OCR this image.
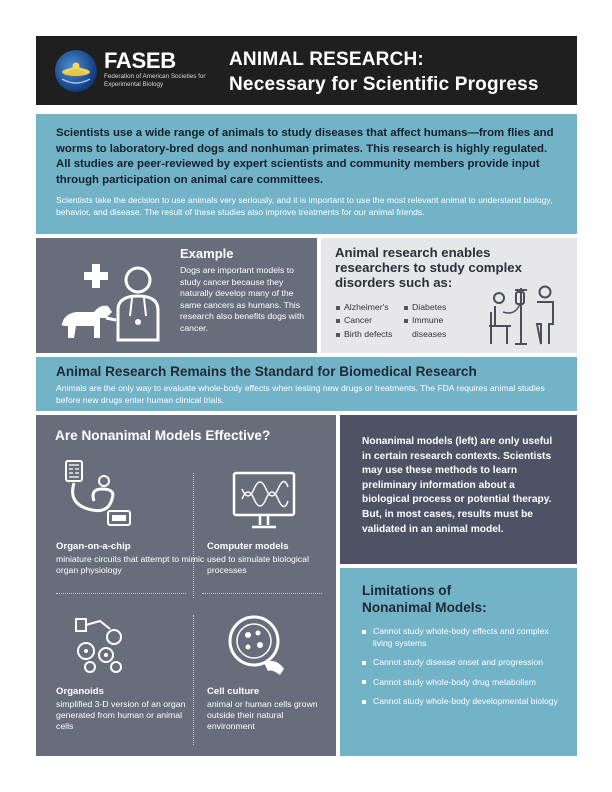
FASEB
Federation of American Societies for Experimental Biology
ANIMAL RESEARCH:
Necessary for Scientific Progress

Scientists use a wide range of animals to study diseases that affect humans—from flies and worms to laboratory-bred dogs and nonhuman primates. This research is highly regulated. All studies are peer-reviewed by expert scientists and community members provide input through participation on animal care committees.

Scientists take the decision to use animals very seriously, and it is important to use the most relevant animal to understand biology, behavior, and disease. The result of these studies also improve treatments for our animal friends.

Example
Dogs are important models to study cancer because they naturally develop many of the same cancers as humans. This research also benefits dogs with cancer.
Animal research enables researchers to study complex disorders such as:
Alzheimer's
Cancer
Birth defects
Diabetes
Immune diseases
Animal Research Remains the Standard for Biomedical Research
Animals are the only way to evaluate whole-body effects when testing new drugs or treatments. The FDA requires animal studies before new drugs enter human clinical trials.
Are Nonanimal Models Effective?
Organ-on-a-chip
miniature circuits that attempt to mimic organ physiology
Computer models
used to simulate biological processes
Organoids
simplified 3-D version of an organ generated from human or animal cells
Cell culture
animal or human cells grown outside their natural environment

Nonanimal models (left) are only useful in certain research contexts. Scientists may use these methods to learn preliminary information about a biological process or potential therapy. But, in most cases, results must be validated in an animal model.

Limitations of Nonanimal Models:
Cannot study whole-body effects and complex living systems
Cannot study disease onset and progression
Cannot study whole-body drug metabolism
Cannot study whole-body developmental biology
